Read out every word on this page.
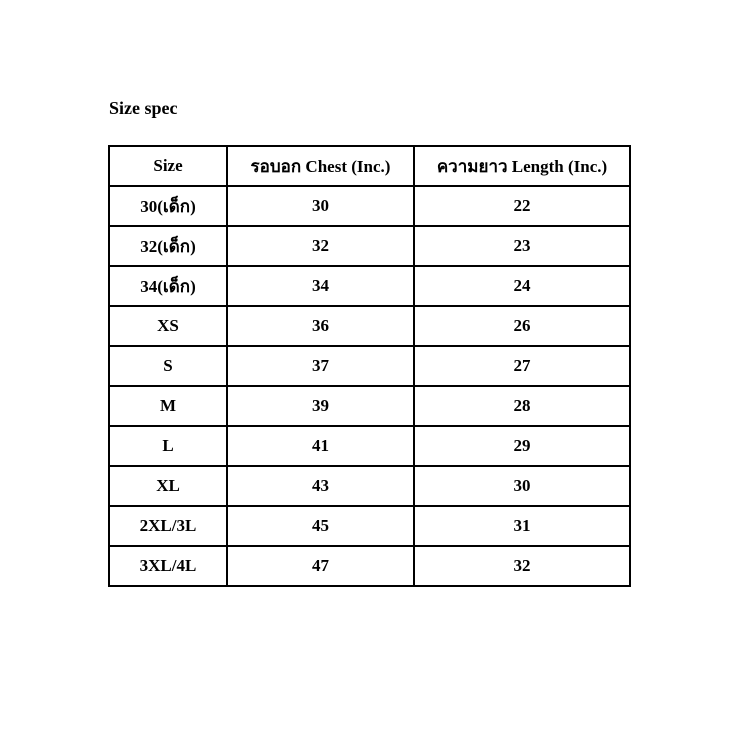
Size spec
Size	รอบอก Chest (Inc.)	ความยาว Length (Inc.)
30(เด็ก)	30	22
32(เด็ก)	32	23
34(เด็ก)	34	24
XS	36	26
S	37	27
M	39	28
L	41	29
XL	43	30
2XL/3L	45	31
3XL/4L	47	32
